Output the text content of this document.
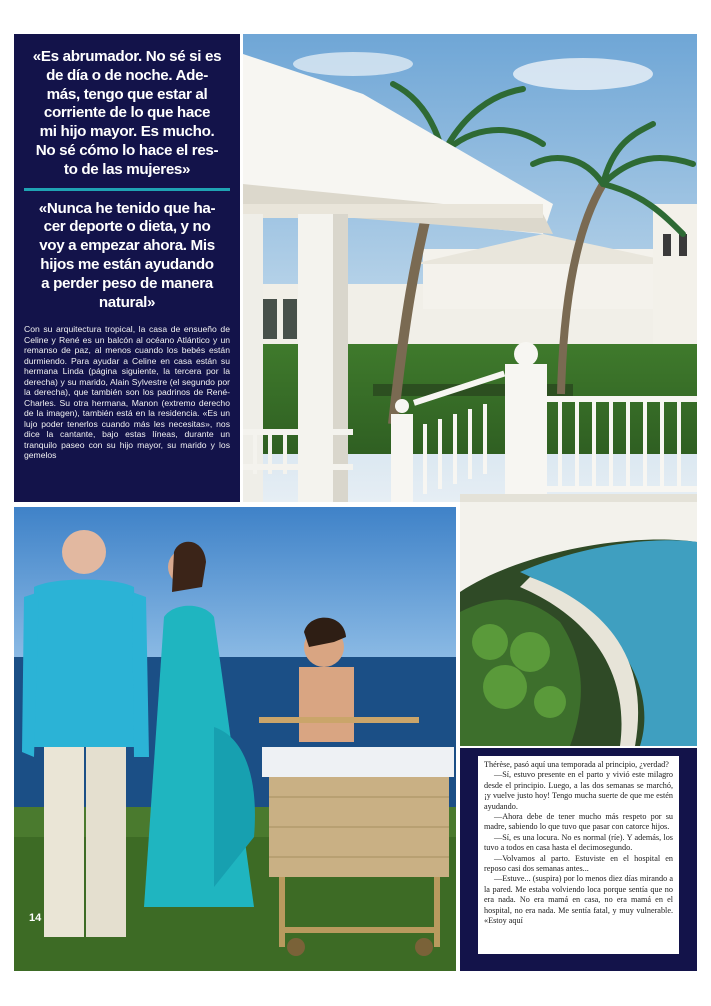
«Es abrumador. No sé si es
de día o de noche. Ade-
más, tengo que estar al
corriente de lo que hace
mi hijo mayor. Es mucho.
No sé cómo lo hace el res-
to de las mujeres»

«Nunca he tenido que ha-
cer deporte o dieta, y no
voy a empezar ahora. Mis
hijos me están ayudando
a perder peso de manera
natural»

Con su arquitectura tropical, la casa de ensueño de Celine y René es un balcón al océano Atlántico y un remanso de paz, al menos cuando los bebés están durmiendo. Para ayudar a Celine en casa están su hermana Linda (página siguiente, la tercera por la derecha) y su marido, Alain Sylvestre (el segundo por la derecha), que también son los padrinos de René-Charles. Su otra hermana, Manon (extremo derecho de la imagen), también está en la residencia. «Es un lujo poder tenerlos cuando más les necesitas», nos dice la cantante, bajo estas líneas, durante un tranquilo paseo con su hijo mayor, su marido y los gemelos
14

Thérèse, pasó aquí una temporada al principio, ¿verdad?

—Sí, estuvo presente en el parto y vivió este milagro desde el principio. Luego, a las dos semanas se marchó, ¡y vuelve justo hoy! Tengo mucha suerte de que me estén ayudando.

—Ahora debe de tener mucho más respeto por su madre, sabiendo lo que tuvo que pasar con catorce hijos.

—Sí, es una locura. No es normal (ríe). Y además, los tuvo a todos en casa hasta el decimosegundo.

—Volvamos al parto. Estuviste en el hospital en reposo casi dos semanas antes...

—Estuve... (suspira) por lo menos diez días mirando a la pared. Me estaba volviendo loca porque sentía que no era nada. No era mamá en casa, no era mamá en el hospital, no era nada. Me sentía fatal, y muy vulnerable. «Estoy aquí
